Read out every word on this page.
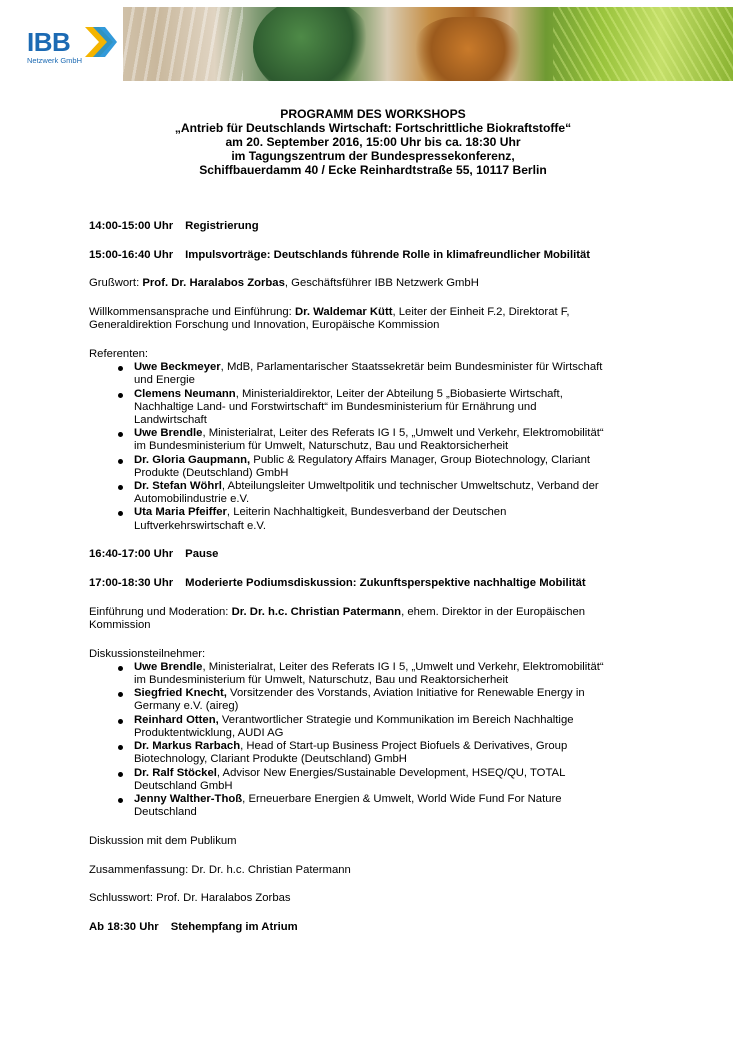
IBB
Netzwerk GmbH
PROGRAMM DES WORKSHOPS
„Antrieb für Deutschlands Wirtschaft: Fortschrittliche Biokraftstoffe“
am 20. September 2016, 15:00 Uhr bis ca. 18:30 Uhr
im Tagungszentrum der Bundespressekonferenz,
Schiffbauerdamm 40 / Ecke Reinhardtstraße 55, 10117 Berlin

14:00-15:00 Uhr Registrierung

15:00-16:40 Uhr Impulsvorträge: Deutschlands führende Rolle in klimafreundlicher Mobilität

Grußwort: Prof. Dr. Haralabos Zorbas, Geschäftsführer IBB Netzwerk GmbH

Willkommensansprache und Einführung: Dr. Waldemar Kütt, Leiter der Einheit F.2, Direktorat F,
Generaldirektion Forschung und Innovation, Europäische Kommission

Referenten:

Uwe Beckmeyer, MdB, Parlamentarischer Staatssekretär beim Bundesminister für Wirtschaft
und Energie
Clemens Neumann, Ministerialdirektor, Leiter der Abteilung 5 „Biobasierte Wirtschaft,
Nachhaltige Land- und Forstwirtschaft“ im Bundesministerium für Ernährung und
Landwirtschaft
Uwe Brendle, Ministerialrat, Leiter des Referats IG I 5, „Umwelt und Verkehr, Elektromobilität“
im Bundesministerium für Umwelt, Naturschutz, Bau und Reaktorsicherheit
Dr. Gloria Gaupmann, Public & Regulatory Affairs Manager, Group Biotechnology, Clariant
Produkte (Deutschland) GmbH
Dr. Stefan Wöhrl, Abteilungsleiter Umweltpolitik und technischer Umweltschutz, Verband der
Automobilindustrie e.V.
Uta Maria Pfeiffer, Leiterin Nachhaltigkeit, Bundesverband der Deutschen
Luftverkehrswirtschaft e.V.

16:40-17:00 Uhr Pause

17:00-18:30 Uhr Moderierte Podiumsdiskussion: Zukunftsperspektive nachhaltige Mobilität

Einführung und Moderation: Dr. Dr. h.c. Christian Patermann, ehem. Direktor in der Europäischen
Kommission

Diskussionsteilnehmer:

Uwe Brendle, Ministerialrat, Leiter des Referats IG I 5, „Umwelt und Verkehr, Elektromobilität“
im Bundesministerium für Umwelt, Naturschutz, Bau und Reaktorsicherheit
Siegfried Knecht, Vorsitzender des Vorstands, Aviation Initiative for Renewable Energy in
Germany e.V. (aireg)
Reinhard Otten, Verantwortlicher Strategie und Kommunikation im Bereich Nachhaltige
Produktentwicklung, AUDI AG
Dr. Markus Rarbach, Head of Start-up Business Project Biofuels & Derivatives, Group
Biotechnology, Clariant Produkte (Deutschland) GmbH
Dr. Ralf Stöckel, Advisor New Energies/Sustainable Development, HSEQ/QU, TOTAL
Deutschland GmbH
Jenny Walther-Thoß, Erneuerbare Energien & Umwelt, World Wide Fund For Nature
Deutschland

Diskussion mit dem Publikum

Zusammenfassung: Dr. Dr. h.c. Christian Patermann

Schlusswort: Prof. Dr. Haralabos Zorbas

Ab 18:30 Uhr Stehempfang im Atrium
